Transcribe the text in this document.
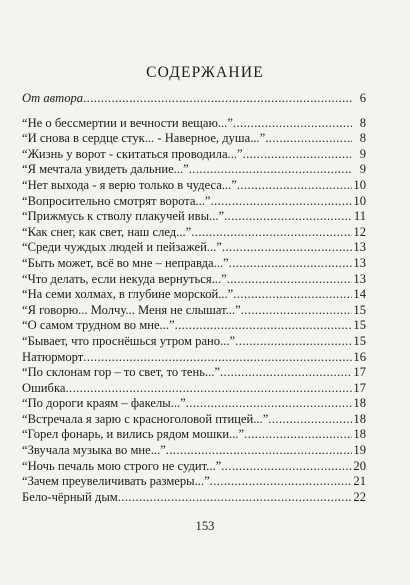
СОДЕРЖАНИЕ
От автора .....	6
“Не о бессмертии и вечности вещаю...” .....	8
“И снова в сердце стук... - Наверное, душа...” .....	8
“Жизнь у ворот - скитаться проводила...” .....	9
“Я мечтала увидеть дальние...” .....	9
“Нет выхода - я верю только в чудеса...” .....	10
“Вопросительно смотрят ворота...” .....	10
“Прижмусь к стволу плакучей ивы...” .....	11
“Как снег, как свет, наш след...” .....	12
“Среди чуждых людей и пейзажей...” .....	13
“Быть может, всё во мне – неправда...” .....	13
“Что делать, если некуда вернуться...” .....	13
“На семи холмах, в глубине морской...” .....	14
“Я говорю... Молчу... Меня не слышат...” .....	15
“О самом трудном во мне...” .....	15
“Бывает, что проснёшься утром рано...” .....	15
Натюрморт .....	16
“По склонам гор – то свет, то тень...” .....	17
Ошибка .....	17
“По дороги краям – факелы...” .....	18
“Встречала я зарю с красноголовой птицей...” .....	18
“Горел фонарь, и вились рядом мошки...” .....	18
“Звучала музыка во мне...” .....	19
“Ночь печаль мою строго не судит...” .....	20
“Зачем преувеличивать размеры...” .....	21
Бело-чёрный дым .....	22
153
